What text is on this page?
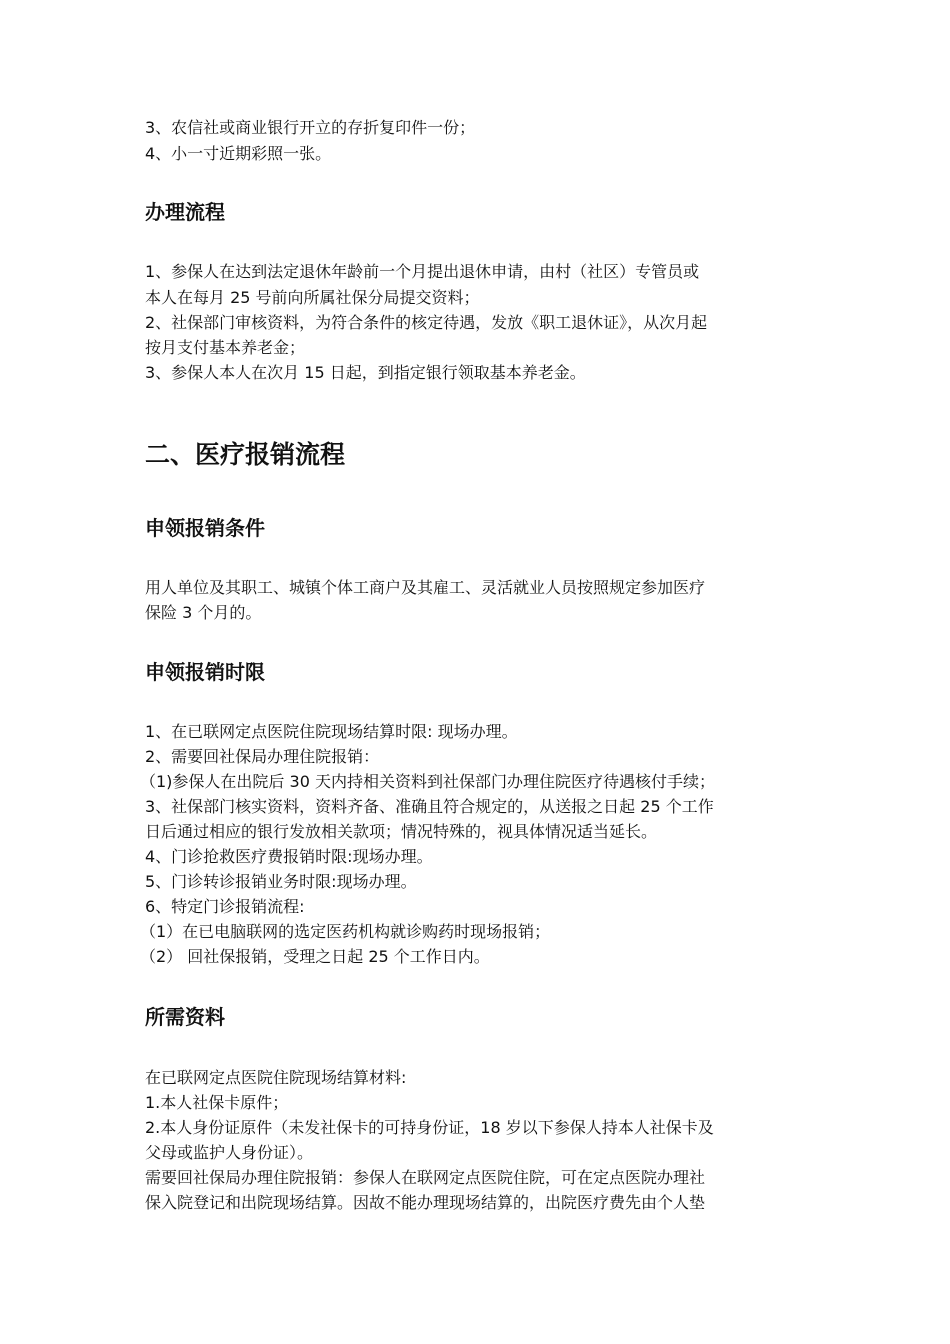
3、农信社或商业银行开立的存折复印件一份；
4、小一寸近期彩照一张。
办理流程
1、参保人在达到法定退休年龄前一个月提出退休申请，由村（社区）专管员或
本人在每月 25 号前向所属社保分局提交资料；
2、社保部门审核资料，为符合条件的核定待遇，发放《职工退休证》，从次月起
按月支付基本养老金；
3、参保人本人在次月 15 日起，到指定银行领取基本养老金。
二、医疗报销流程
申领报销条件
用人单位及其职工、城镇个体工商户及其雇工、灵活就业人员按照规定参加医疗
保险 3 个月的。
申领报销时限
1、在已联网定点医院住院现场结算时限: 现场办理。
2、需要回社保局办理住院报销：
（1)参保人在出院后 30 天内持相关资料到社保部门办理住院医疗待遇核付手续；
3、社保部门核实资料，资料齐备、准确且符合规定的，从送报之日起 25 个工作
日后通过相应的银行发放相关款项；情况特殊的，视具体情况适当延长。
4、门诊抢救医疗费报销时限:现场办理。
5、门诊转诊报销业务时限:现场办理。
6、特定门诊报销流程:
（1）在已电脑联网的选定医药机构就诊购药时现场报销；
（2） 回社保报销，受理之日起 25 个工作日内。
所需资料
在已联网定点医院住院现场结算材料:
1.本人社保卡原件；
2.本人身份证原件（未发社保卡的可持身份证，18 岁以下参保人持本人社保卡及
父母或监护人身份证）。
需要回社保局办理住院报销：参保人在联网定点医院住院，可在定点医院办理社
保入院登记和出院现场结算。因故不能办理现场结算的，出院医疗费先由个人垫
